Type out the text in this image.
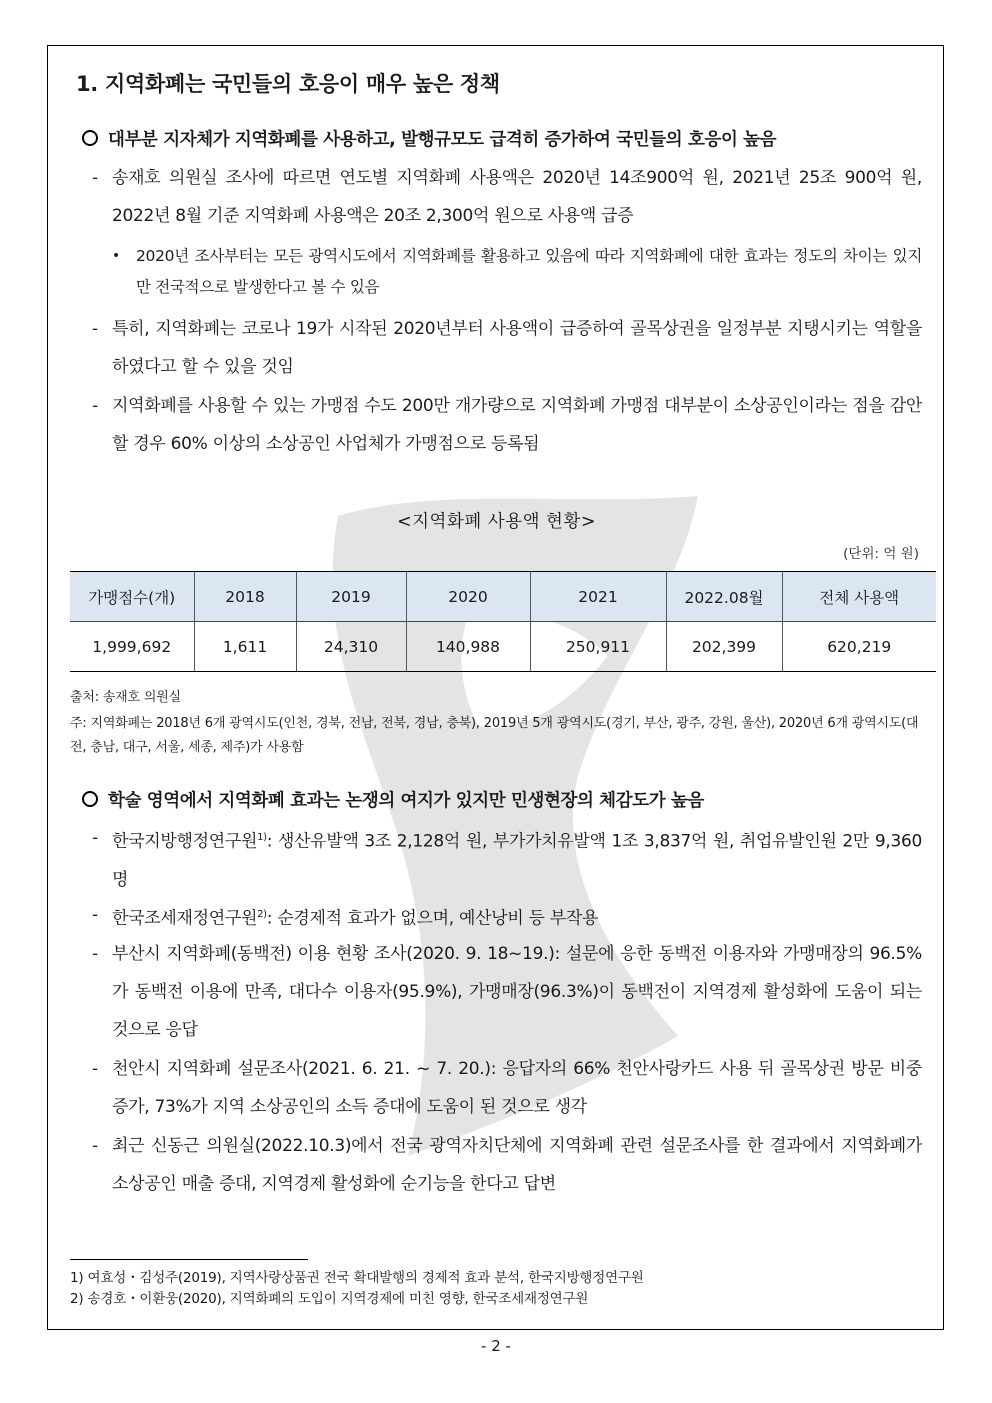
1. 지역화폐는 국민들의 호응이 매우 높은 정책
대부분 지자체가 지역화폐를 사용하고, 발행규모도 급격히 증가하여 국민들의 호응이 높음
- 송재호 의원실 조사에 따르면 연도별 지역화폐 사용액은 2020년 14조900억 원, 2021년 25조 900억 원, 2022년 8월 기준 지역화폐 사용액은 20조 2,300억 원으로 사용액 급증
•	2020년 조사부터는 모든 광역시도에서 지역화폐를 활용하고 있음에 따라 지역화폐에 대한 효과는 정도의 차이는 있지만 전국적으로 발생한다고 볼 수 있음
- 특히, 지역화폐는 코로나 19가 시작된 2020년부터 사용액이 급증하여 골목상권을 일정부분 지탱시키는 역할을 하였다고 할 수 있을 것임
- 지역화폐를 사용할 수 있는 가맹점 수도 200만 개가량으로 지역화폐 가맹점 대부분이 소상공인이라는 점을 감안할 경우 60% 이상의 소상공인 사업체가 가맹점으로 등록됨
<지역화폐 사용액 현황>
(단위: 억 원)
가맹점수(개)	2018	2019	2020	2021	2022.08월	전체 사용액
1,999,692	1,611	24,310	140,988	250,911	202,399	620,219
출처: 송재호 의원실
주: 지역화폐는 2018년 6개 광역시도(인천, 경북, 전남, 전북, 경남, 충북), 2019년 5개 광역시도(경기, 부산, 광주, 강원, 울산), 2020년 6개 광역시도(대전, 충남, 대구, 서울, 세종, 제주)가 사용함
학술 영역에서 지역화폐 효과는 논쟁의 여지가 있지만 민생현장의 체감도가 높음
- 한국지방행정연구원$^{1)}$: 생산유발액 3조 2,128억 원, 부가가치유발액 1조 3,837억 원, 취업유발인원 2만 9,360명
- 한국조세재정연구원$^{2)}$: 순경제적 효과가 없으며, 예산낭비 등 부작용
- 부산시 지역화폐(동백전) 이용 현황 조사(2020. 9. 18~19.): 설문에 응한 동백전 이용자와 가맹매장의 96.5%가 동백전 이용에 만족, 대다수 이용자(95.9%), 가맹매장(96.3%)이 동백전이 지역경제 활성화에 도움이 되는 것으로 응답
- 천안시 지역화폐 설문조사(2021. 6. 21. ~ 7. 20.): 응답자의 66% 천안사랑카드 사용 뒤 골목상권 방문 비중 증가, 73%가 지역 소상공인의 소득 증대에 도움이 된 것으로 생각
- 최근 신동근 의원실(2022.10.3)에서 전국 광역자치단체에 지역화폐 관련 설문조사를 한 결과에서 지역화폐가 소상공인 매출 증대, 지역경제 활성화에 순기능을 한다고 답변
1) 여효성・김성주(2019), 지역사랑상품권 전국 확대발행의 경제적 효과 분석, 한국지방행정연구원
2) 송경호・이환웅(2020), 지역화폐의 도입이 지역경제에 미친 영향, 한국조세재정연구원
- 2 -
